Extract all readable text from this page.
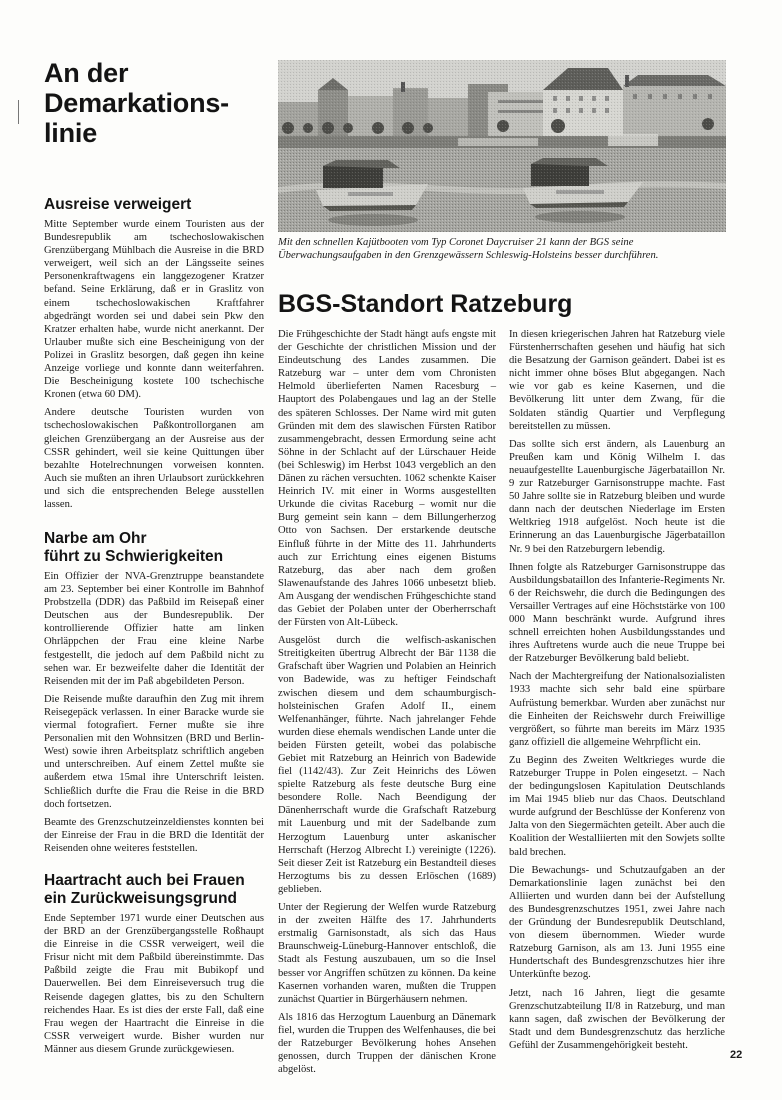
An der
Demarkations-
linie
Ausreise verweigert

Mitte September wurde einem Touristen aus der Bundesrepublik am tschechoslowakischen Grenzübergang Mühlbach die Ausreise in die BRD verweigert, weil sich an der Längsseite seines Personenkraftwagens ein langgezogener Kratzer befand. Seine Erklärung, daß er in Graslitz von einem tschechoslowakischen Kraftfahrer abgedrängt worden sei und dabei sein Pkw den Kratzer erhalten habe, wurde nicht anerkannt. Der Urlauber mußte sich eine Bescheinigung von der Polizei in Graslitz besorgen, daß gegen ihn keine Anzeige vorliege und konnte dann weiterfahren. Die Bescheinigung kostete 100 tschechische Kronen (etwa 60 DM).

Andere deutsche Touristen wurden von tschechoslowakischen Paßkontrollorganen am gleichen Grenzübergang an der Ausreise aus der CSSR gehindert, weil sie keine Quittungen über bezahlte Hotelrechnungen vorweisen konnten. Auch sie mußten an ihren Urlaubsort zurückkehren und sich die entsprechenden Belege ausstellen lassen.

Narbe am Ohr
führt zu Schwierigkeiten

Ein Offizier der NVA-Grenztruppe beanstandete am 23. September bei einer Kontrolle im Bahnhof Probstzella (DDR) das Paßbild im Reisepaß einer Deutschen aus der Bundesrepublik. Der kontrollierende Offizier hatte am linken Ohrläppchen der Frau eine kleine Narbe festgestellt, die jedoch auf dem Paßbild nicht zu sehen war. Er bezweifelte daher die Identität der Reisenden mit der im Paß abgebildeten Person.

Die Reisende mußte daraufhin den Zug mit ihrem Reisegepäck verlassen. In einer Baracke wurde sie viermal fotografiert. Ferner mußte sie ihre Personalien mit den Wohnsitzen (BRD und Berlin-West) sowie ihren Arbeitsplatz schriftlich angeben und unterschreiben. Auf einem Zettel mußte sie außerdem etwa 15mal ihre Unterschrift leisten. Schließlich durfte die Frau die Reise in die BRD doch fortsetzen.

Beamte des Grenzschutzeinzeldienstes konnten bei der Einreise der Frau in die BRD die Identität der Reisenden ohne weiteres feststellen.

Haartracht auch bei Frauen
ein Zurückweisungsgrund

Ende September 1971 wurde einer Deutschen aus der BRD an der Grenzübergangsstelle Roßhaupt die Einreise in die CSSR verweigert, weil die Frisur nicht mit dem Paßbild übereinstimmte. Das Paßbild zeigte die Frau mit Bubikopf und Dauerwellen. Bei dem Einreiseversuch trug die Reisende dagegen glattes, bis zu den Schultern reichendes Haar. Es ist dies der erste Fall, daß eine Frau wegen der Haartracht die Einreise in die CSSR verweigert wurde. Bisher wurden nur Männer aus diesem Grunde zurückgewiesen.

Mit den schnellen Kajütbooten vom Typ Coronet Daycruiser 21 kann der BGS seine Überwachungsaufgaben in den Grenzgewässern Schleswig-Holsteins besser durchführen.

BGS-Standort Ratzeburg

Die Frühgeschichte der Stadt hängt aufs engste mit der Geschichte der christlichen Mission und der Eindeutschung des Landes zusammen. Die Ratzeburg war – unter dem vom Chronisten Helmold überlieferten Namen Racesburg – Hauptort des Polabengaues und lag an der Stelle des späteren Schlosses. Der Name wird mit guten Gründen mit dem des slawischen Fürsten Ratibor zusammengebracht, dessen Ermordung seine acht Söhne in der Schlacht auf der Lürschauer Heide (bei Schleswig) im Herbst 1043 vergeblich an den Dänen zu rächen versuchten. 1062 schenkte Kaiser Heinrich IV. mit einer in Worms ausgestellten Urkunde die civitas Raceburg – womit nur die Burg gemeint sein kann – dem Billungerherzog Otto von Sachsen. Der erstarkende deutsche Einfluß führte in der Mitte des 11. Jahrhunderts auch zur Errichtung eines eigenen Bistums Ratzeburg, das aber nach dem großen Slawenaufstande des Jahres 1066 unbesetzt blieb. Am Ausgang der wendischen Frühgeschichte stand das Gebiet der Polaben unter der Oberherrschaft der Fürsten von Alt-Lübeck.

Ausgelöst durch die welfisch-askanischen Streitigkeiten übertrug Albrecht der Bär 1138 die Grafschaft über Wagrien und Polabien an Heinrich von Badewide, was zu heftiger Feindschaft zwischen diesem und dem schaumburgisch-holsteinischen Grafen Adolf II., einem Welfenanhänger, führte. Nach jahrelanger Fehde wurden diese ehemals wendischen Lande unter die beiden Fürsten geteilt, wobei das polabische Gebiet mit Ratzeburg an Heinrich von Badewide fiel (1142/43). Zur Zeit Heinrichs des Löwen spielte Ratzeburg als feste deutsche Burg eine besondere Rolle. Nach Beendigung der Dänenherrschaft wurde die Grafschaft Ratzeburg mit Lauenburg und mit der Sadelbande zum Herzogtum Lauenburg unter askanischer Herrschaft (Herzog Albrecht I.) vereinigte (1226). Seit dieser Zeit ist Ratzeburg ein Bestandteil dieses Herzogtums bis zu dessen Erlöschen (1689) geblieben.

Unter der Regierung der Welfen wurde Ratzeburg in der zweiten Hälfte des 17. Jahrhunderts erstmalig Garnisonstadt, als sich das Haus Braunschweig-Lüneburg-Hannover entschloß, die Stadt als Festung auszubauen, um so die Insel besser vor Angriffen schützen zu können. Da keine Kasernen vorhanden waren, mußten die Truppen zunächst Quartier in Bürgerhäusern nehmen.

Als 1816 das Herzogtum Lauenburg an Dänemark fiel, wurden die Truppen des Welfenhauses, die bei der Ratzeburger Bevölkerung hohes Ansehen genossen, durch Truppen der dänischen Krone abgelöst.

In diesen kriegerischen Jahren hat Ratzeburg viele Fürstenherrschaften gesehen und häufig hat sich die Besatzung der Garnison geändert. Dabei ist es nicht immer ohne böses Blut abgegangen. Nach wie vor gab es keine Kasernen, und die Bevölkerung litt unter dem Zwang, für die Soldaten ständig Quartier und Verpflegung bereitstellen zu müssen.

Das sollte sich erst ändern, als Lauenburg an Preußen kam und König Wilhelm I. das neuaufgestellte Lauenburgische Jägerbataillon Nr. 9 zur Ratzeburger Garnisonstruppe machte. Fast 50 Jahre sollte sie in Ratzeburg bleiben und wurde dann nach der deutschen Niederlage im Ersten Weltkrieg 1918 aufgelöst. Noch heute ist die Erinnerung an das Lauenburgische Jägerbataillon Nr. 9 bei den Ratzeburgern lebendig.

Ihnen folgte als Ratzeburger Garnisonstruppe das Ausbildungsbataillon des Infanterie-Regiments Nr. 6 der Reichswehr, die durch die Bedingungen des Versailler Vertrages auf eine Höchststärke von 100 000 Mann beschränkt wurde. Aufgrund ihres schnell erreichten hohen Ausbildungsstandes und ihres Auftretens wurde auch die neue Truppe bei der Ratzeburger Bevölkerung bald beliebt.

Nach der Machtergreifung der Nationalsozialisten 1933 machte sich sehr bald eine spürbare Aufrüstung bemerkbar. Wurden aber zunächst nur die Einheiten der Reichswehr durch Freiwillige vergrößert, so führte man bereits im März 1935 ganz offiziell die allgemeine Wehrpflicht ein.

Zu Beginn des Zweiten Weltkrieges wurde die Ratzeburger Truppe in Polen eingesetzt. – Nach der bedingungslosen Kapitulation Deutschlands im Mai 1945 blieb nur das Chaos. Deutschland wurde aufgrund der Beschlüsse der Konferenz von Jalta von den Siegermächten geteilt. Aber auch die Koalition der Westalliierten mit den Sowjets sollte bald brechen.

Die Bewachungs- und Schutzaufgaben an der Demarkationslinie lagen zunächst bei den Alliierten und wurden dann bei der Aufstellung des Bundesgrenzschutzes 1951, zwei Jahre nach der Gründung der Bundesrepublik Deutschland, von diesem übernommen. Wieder wurde Ratzeburg Garnison, als am 13. Juni 1955 eine Hundertschaft des Bundesgrenzschutzes hier ihre Unterkünfte bezog.

Jetzt, nach 16 Jahren, liegt die gesamte Grenzschutzabteilung II/8 in Ratzeburg, und man kann sagen, daß zwischen der Bevölkerung der Stadt und dem Bundesgrenzschutz das herzliche Gefühl der Zusammengehörigkeit besteht.

22
